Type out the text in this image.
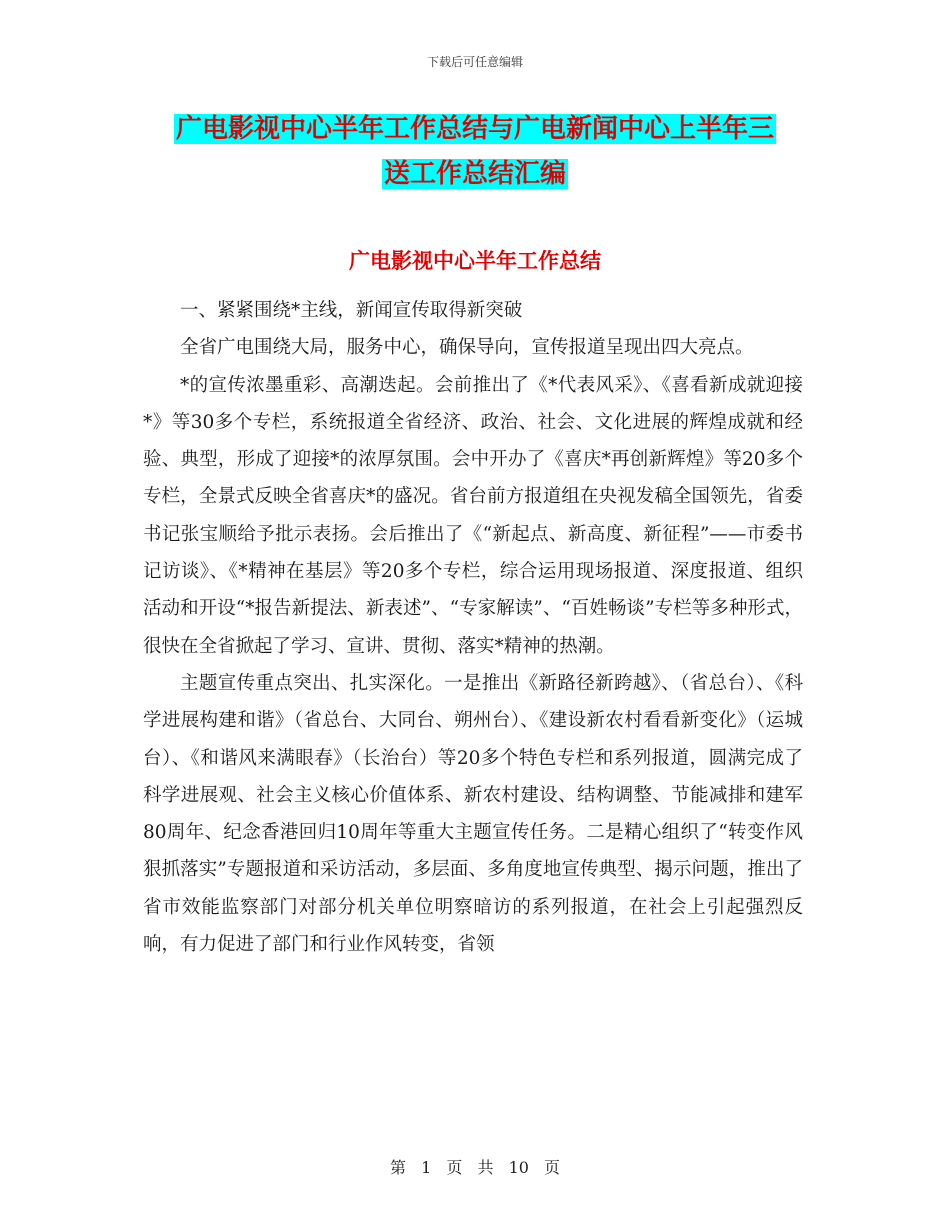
下载后可任意编辑
广电影视中心半年工作总结与广电新闻中心上半年三
送工作总结汇编
广电影视中心半年工作总结

一、紧紧围绕*主线，新闻宣传取得新突破

全省广电围绕大局，服务中心，确保导向，宣传报道呈现出四大亮点。

*的宣传浓墨重彩、高潮迭起。会前推出了《*代表风采》、《喜看新成就迎接*》等30多个专栏，系统报道全省经济、政治、社会、文化进展的辉煌成就和经验、典型，形成了迎接*的浓厚氛围。会中开办了《喜庆*再创新辉煌》等20多个专栏，全景式反映全省喜庆*的盛况。省台前方报道组在央视发稿全国领先，省委书记张宝顺给予批示表扬。会后推出了《“新起点、新高度、新征程”——市委书记访谈》、《*精神在基层》等20多个专栏，综合运用现场报道、深度报道、组织活动和开设“*报告新提法、新表述”、“专家解读”、“百姓畅谈”专栏等多种形式，很快在全省掀起了学习、宣讲、贯彻、落实*精神的热潮。

主题宣传重点突出、扎实深化。一是推出《新路径新跨越》、（省总台）、《科学进展构建和谐》（省总台、大同台、朔州台）、《建设新农村看看新变化》（运城台）、《和谐风来满眼春》（长治台）等20多个特色专栏和系列报道，圆满完成了科学进展观、社会主义核心价值体系、新农村建设、结构调整、节能减排和建军80周年、纪念香港回归10周年等重大主题宣传任务。二是精心组织了“转变作风狠抓落实”专题报道和采访活动，多层面、多角度地宣传典型、揭示问题，推出了省市效能监察部门对部分机关单位明察暗访的系列报道，在社会上引起强烈反响，有力促进了部门和行业作风转变，省领

第 1 页 共 10 页
